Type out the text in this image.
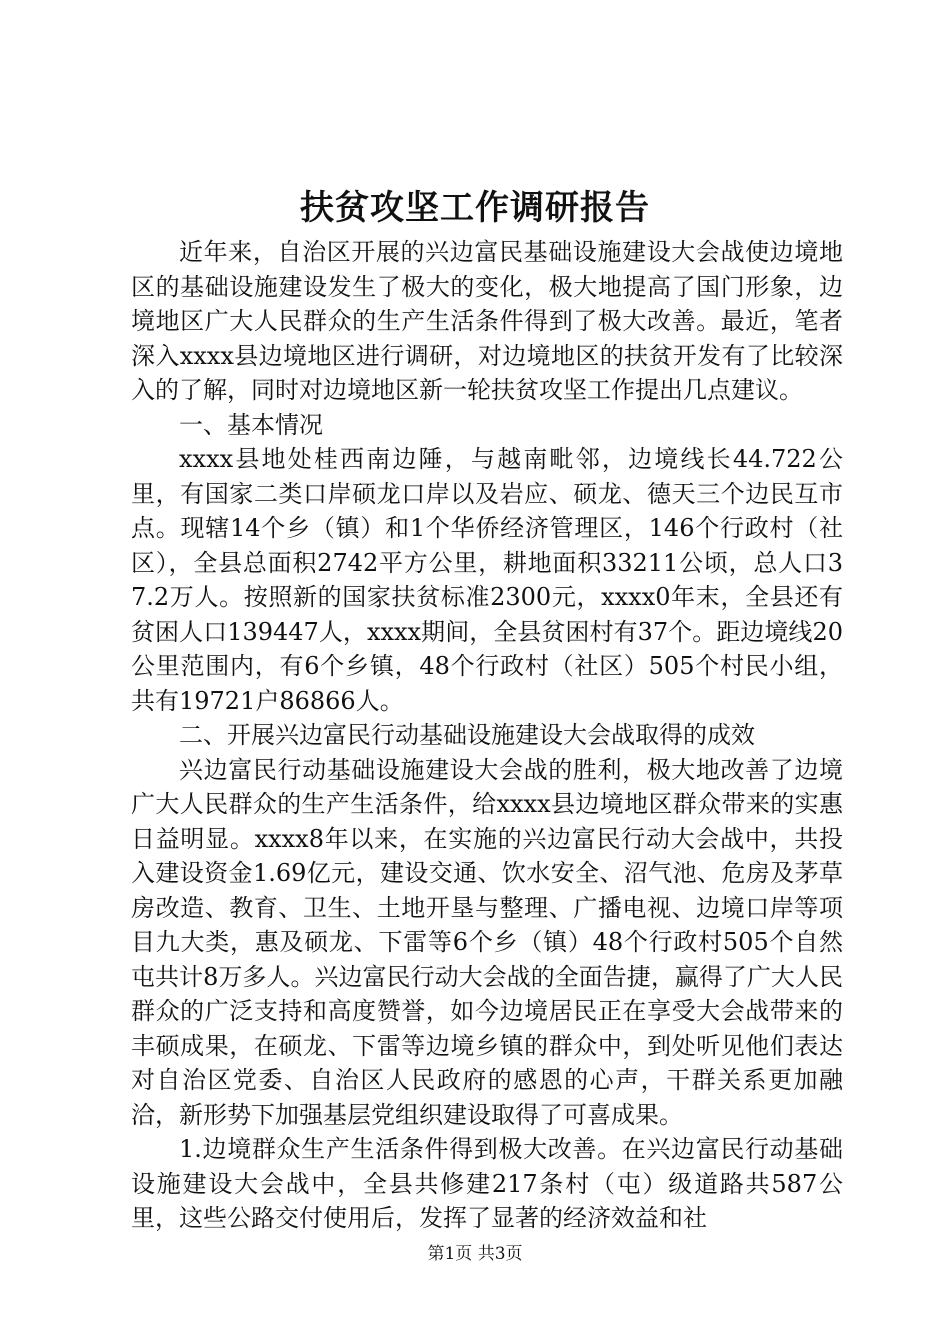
扶贫攻坚工作调研报告

近年来，自治区开展的兴边富民基础设施建设大会战使边境地区的基础设施建设发生了极大的变化，极大地提高了国门形象，边境地区广大人民群众的生产生活条件得到了极大改善。最近，笔者深入xxxx县边境地区进行调研，对边境地区的扶贫开发有了比较深入的了解，同时对边境地区新一轮扶贫攻坚工作提出几点建议。

一、基本情况

xxxx县地处桂西南边陲，与越南毗邻，边境线长44.722公里，有国家二类口岸硕龙口岸以及岩应、硕龙、德天三个边民互市点。现辖14个乡（镇）和1个华侨经济管理区，146个行政村（社区），全县总面积2742平方公里，耕地面积33211公顷，总人口37.2万人。按照新的国家扶贫标准2300元，xxxx0年末，全县还有贫困人口139447人，xxxx期间，全县贫困村有37个。距边境线20公里范围内，有6个乡镇，48个行政村（社区）505个村民小组，共有19721户86866人。

二、开展兴边富民行动基础设施建设大会战取得的成效

兴边富民行动基础设施建设大会战的胜利，极大地改善了边境广大人民群众的生产生活条件，给xxxx县边境地区群众带来的实惠日益明显。xxxx8年以来，在实施的兴边富民行动大会战中，共投入建设资金1.69亿元，建设交通、饮水安全、沼气池、危房及茅草房改造、教育、卫生、土地开垦与整理、广播电视、边境口岸等项目九大类，惠及硕龙、下雷等6个乡（镇）48个行政村505个自然屯共计8万多人。兴边富民行动大会战的全面告捷，赢得了广大人民群众的广泛支持和高度赞誉，如今边境居民正在享受大会战带来的丰硕成果，在硕龙、下雷等边境乡镇的群众中，到处听见他们表达对自治区党委、自治区人民政府的感恩的心声，干群关系更加融洽，新形势下加强基层党组织建设取得了可喜成果。

1.边境群众生产生活条件得到极大改善。在兴边富民行动基础设施建设大会战中，全县共修建217条村（屯）级道路共587公里，这些公路交付使用后，发挥了显著的经济效益和社

第1页 共3页
